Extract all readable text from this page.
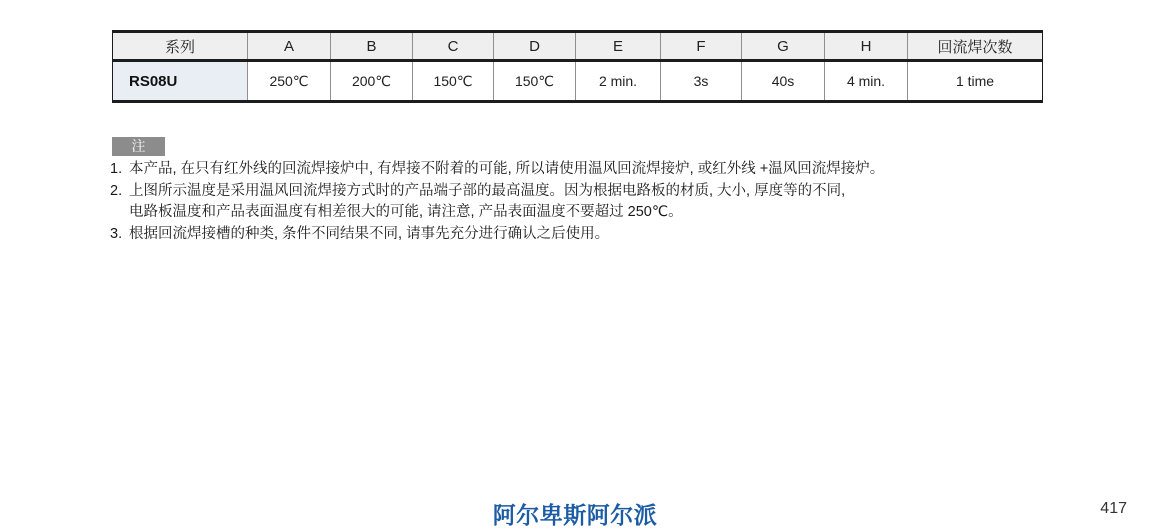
系列	A	B	C	D	E	F	G	H	回流焊次数
RS08U	250℃	200℃	150℃	150℃	2 min.	3s	40s	4 min.	1 time
注
1. 本产品, 在只有红外线的回流焊接炉中, 有焊接不附着的可能, 所以请使用温风回流焊接炉, 或红外线 +温风回流焊接炉。
2. 上图所示温度是采用温风回流焊接方式时的产品端子部的最高温度。因为根据电路板的材质, 大小, 厚度等的不同,
电路板温度和产品表面温度有相差很大的可能, 请注意, 产品表面温度不要超过 250℃。
3. 根据回流焊接槽的种类, 条件不同结果不同, 请事先充分进行确认之后使用。
阿尔卑斯阿尔派	417
